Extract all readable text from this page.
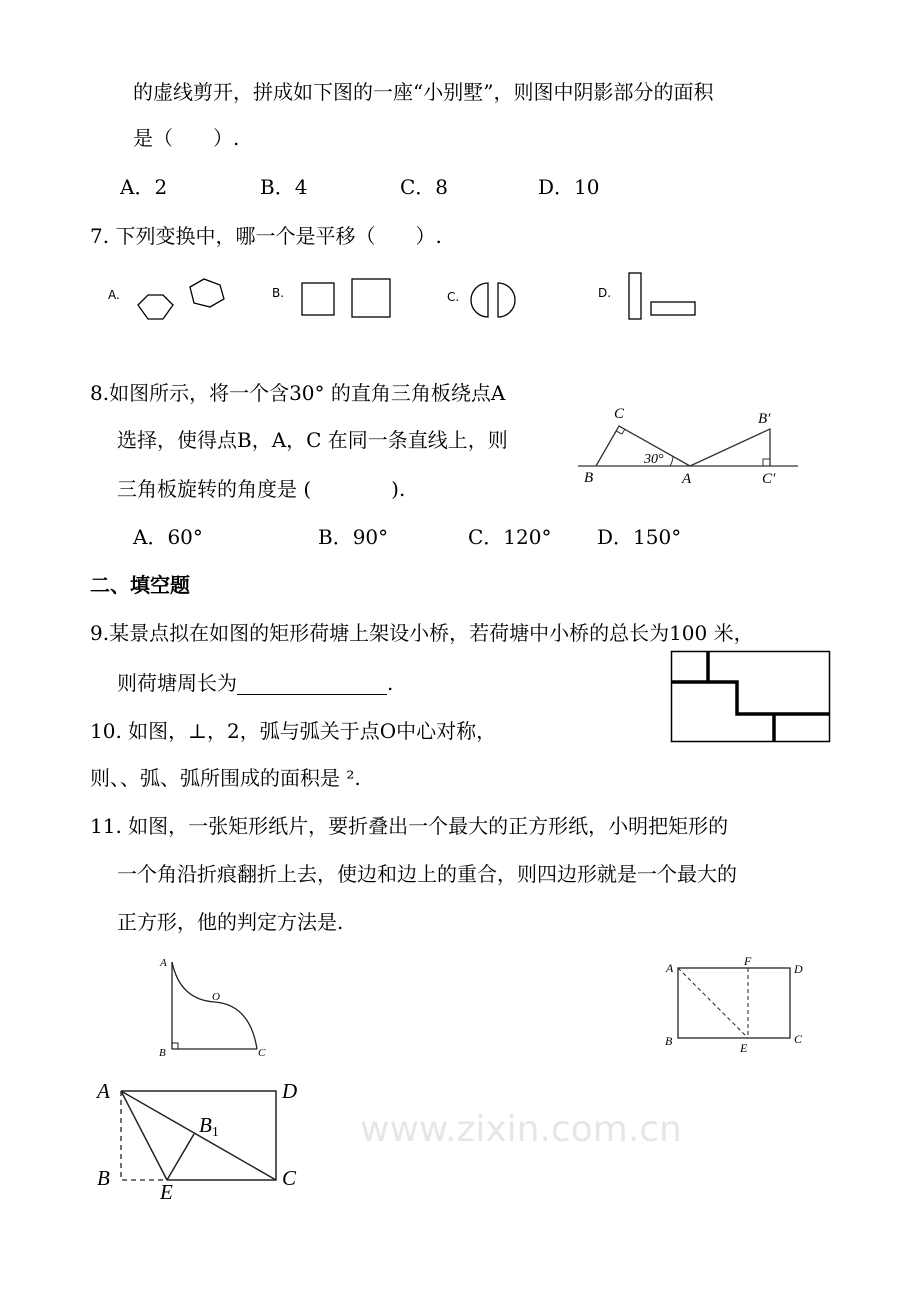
的虚线剪开，拼成如下图的一座“小别墅”，则图中阴影部分的面积
是（　　）.
A．2	B．4	C．8	D．10
7. 下列变换中，哪一个是平移（　　）.
A.	B.	C.	D.
8.如图所示，将一个含30° 的直角三角板绕点A
选择，使得点B，A，C 在同一条直线上，则
三角板旋转的角度是 (　　　　).
C
B	A
B′
C′
30°
A．60°	B．90°	C．120° D．150°
二、填空题
9.某景点拟在如图的矩形荷塘上架设小桥，若荷塘中小桥的总长为100 米，
则荷塘周长为	.
www.zixin.com.cn
10. 如图，⊥，2，弧与弧关于点O中心对称，
则、、弧、弧所围成的面积是 ².
11. 如图，一张矩形纸片，要折叠出一个最大的正方形纸，小明把矩形的
一个角沿折痕翻折上去，使边和边上的重合，则四边形就是一个最大的
正方形，他的判定方法是.
A
O
B	C
A	F
D
B	E
C
A	D
B1
B
E
C
